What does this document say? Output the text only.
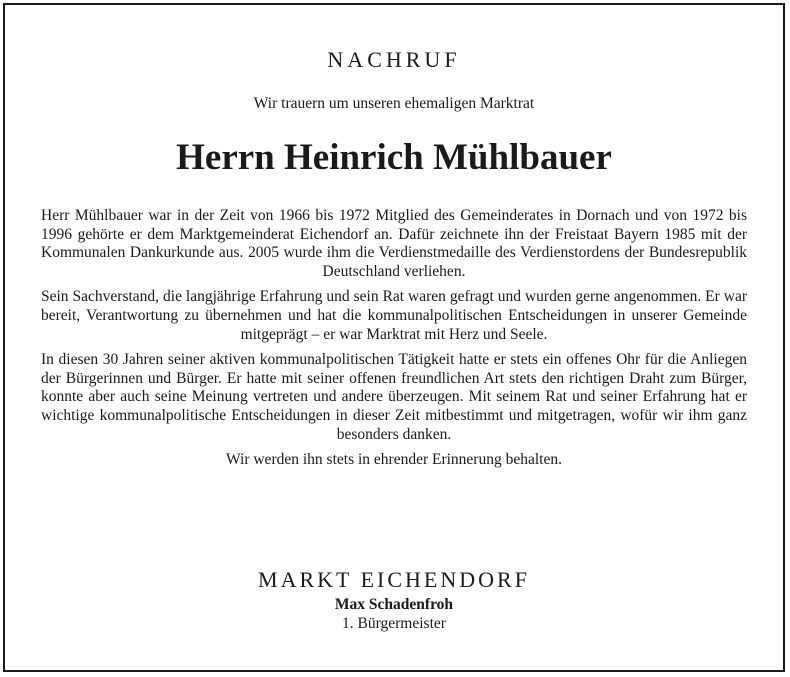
NACHRUF
Wir trauern um unseren ehemaligen Marktrat
Herrn Heinrich Mühlbauer

Herr Mühlbauer war in der Zeit von 1966 bis 1972 Mitglied des Gemeinderates in Dornach und von 1972 bis 1996 gehörte er dem Marktgemeinderat Eichendorf an. Dafür zeichnete ihn der Freistaat Bayern 1985 mit der Kommunalen Dankurkunde aus. 2005 wurde ihm die Verdienstmedaille des Verdienstordens der Bundesrepublik Deutschland verliehen.

Sein Sachverstand, die langjährige Erfahrung und sein Rat waren gefragt und wurden gerne angenommen. Er war bereit, Verantwortung zu übernehmen und hat die kommunalpolitischen Entscheidungen in unserer Gemeinde mitgeprägt – er war Marktrat mit Herz und Seele.

In diesen 30 Jahren seiner aktiven kommunalpolitischen Tätigkeit hatte er stets ein offenes Ohr für die Anliegen der Bürgerinnen und Bürger. Er hatte mit seiner offenen freundlichen Art stets den richtigen Draht zum Bürger, konnte aber auch seine Meinung vertreten und andere überzeugen. Mit seinem Rat und seiner Erfahrung hat er wichtige kommunalpolitische Entscheidungen in dieser Zeit mitbestimmt und mitgetragen, wofür wir ihm ganz besonders danken.

Wir werden ihn stets in ehrender Erinnerung behalten.

MARKT EICHENDORF
Max Schadenfroh
1. Bürgermeister
